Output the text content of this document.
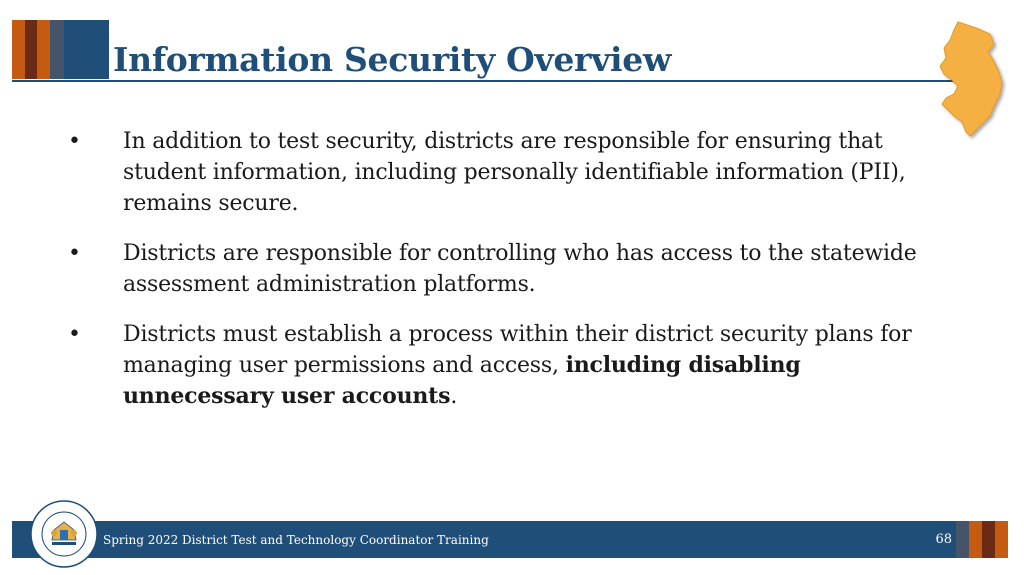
Information Security Overview
•	In addition to test security, districts are responsible for ensuring that student information, including personally identifiable information (PII), remains secure.
•	Districts are responsible for controlling who has access to the statewide assessment administration platforms.
•	Districts must establish a process within their district security plans for managing user permissions and access, including disabling unnecessary user accounts.
Spring 2022 District Test and Technology Coordinator Training	68
